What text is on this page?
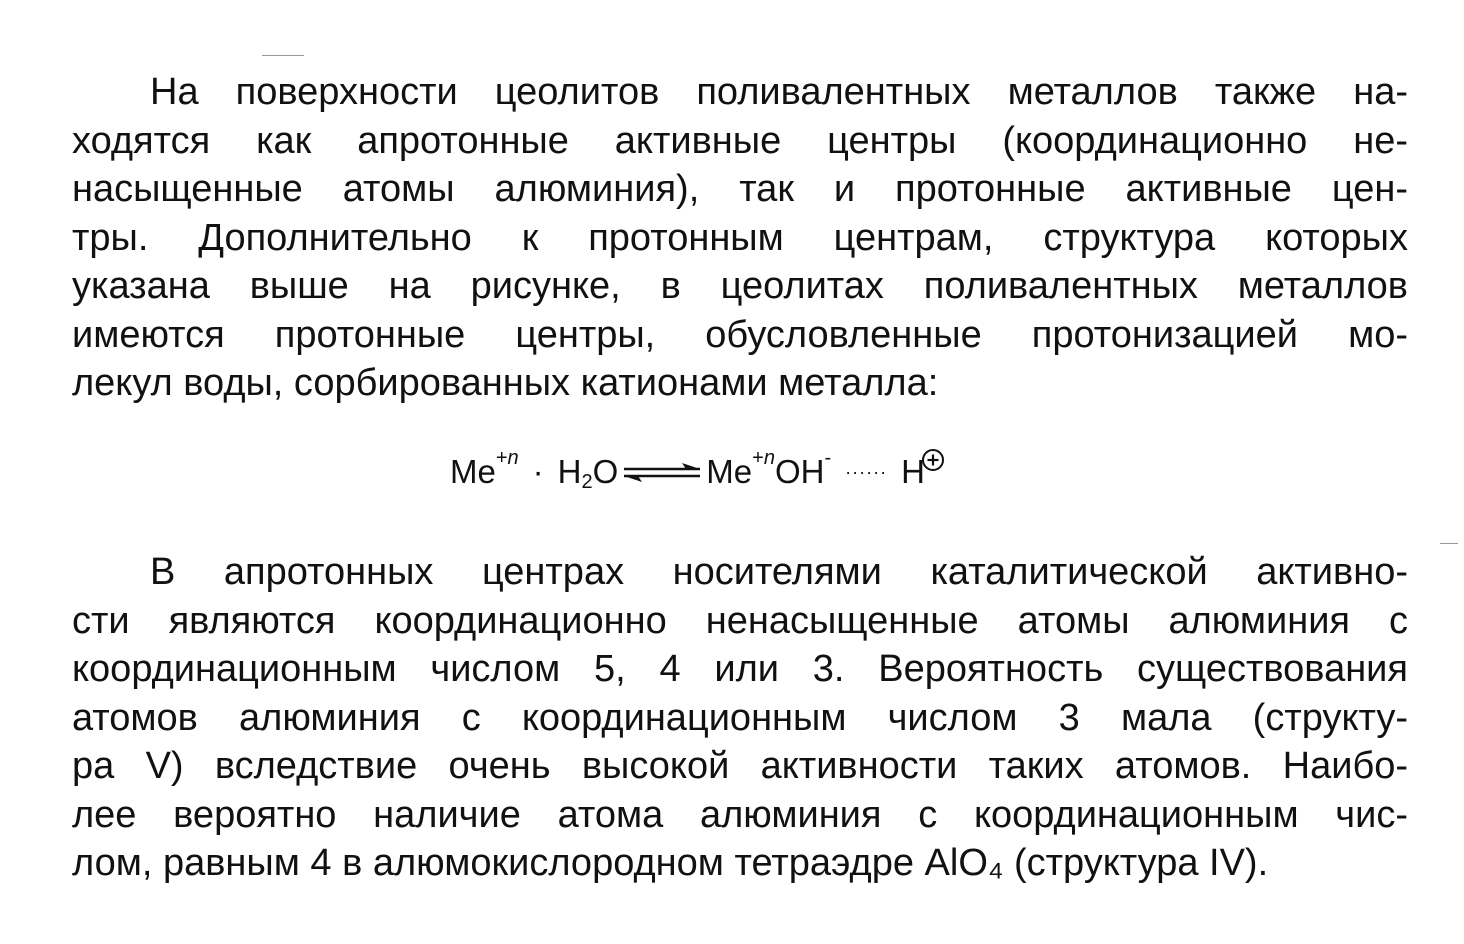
На поверхности цеолитов поливалентных металлов также на-
ходятся как апротонные активные центры (координационно не-
насыщенные атомы алюминия), так и протонные активные цен-
тры. Дополнительно к протонным центрам, структура которых
указана выше на рисунке, в цеолитах поливалентных металлов
имеются протонные центры, обусловленные протонизацией мо-
лекул воды, сорбированных катионами металла:
Me +n · H 2 O ⇌ Me +n OH -
······ H
В апротонных центрах носителями каталитической активно-
сти являются координационно ненасыщенные атомы алюминия с
координационным числом 5, 4 или 3. Вероятность существования
атомов алюминия с координационным числом 3 мала (структу-
ра V) вследствие очень высокой активности таких атомов. Наибо-
лее вероятно наличие атома алюминия с координационным чис-
лом, равным 4 в алюмокислородном тетраэдре AlO₄ (структура IV).
